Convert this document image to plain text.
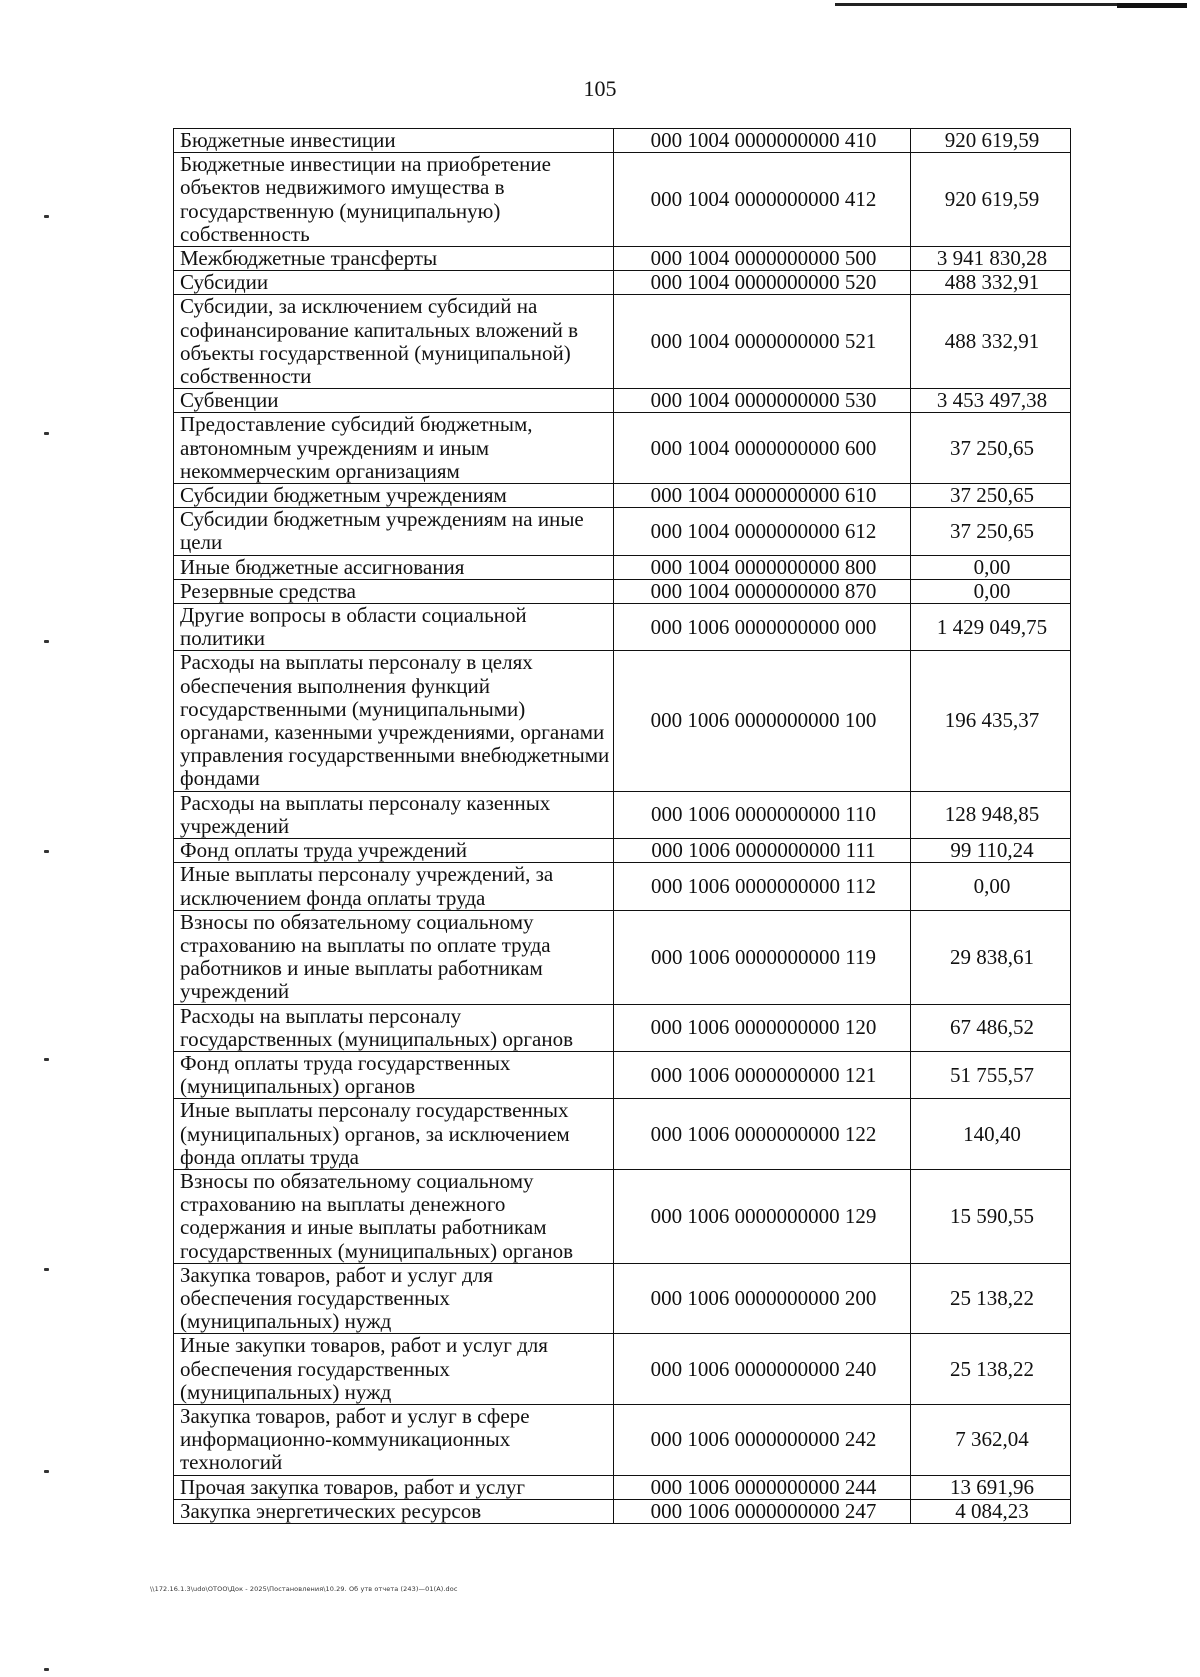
105
Бюджетные инвестиции	000 1004 0000000000 410	920 619,59
Бюджетные инвестиции на приобретение объектов недвижимого имущества в государственную (муниципальную) собственность	000 1004 0000000000 412	920 619,59
Межбюджетные трансферты	000 1004 0000000000 500	3 941 830,28
Субсидии	000 1004 0000000000 520	488 332,91
Субсидии, за исключением субсидий на софинансирование капитальных вложений в объекты государственной (муниципальной) собственности	000 1004 0000000000 521	488 332,91
Субвенции	000 1004 0000000000 530	3 453 497,38
Предоставление субсидий бюджетным, автономным учреждениям и иным некоммерческим организациям	000 1004 0000000000 600	37 250,65
Субсидии бюджетным учреждениям	000 1004 0000000000 610	37 250,65
Субсидии бюджетным учреждениям на иные цели	000 1004 0000000000 612	37 250,65
Иные бюджетные ассигнования	000 1004 0000000000 800	0,00
Резервные средства	000 1004 0000000000 870	0,00
Другие вопросы в области социальной политики	000 1006 0000000000 000	1 429 049,75
Расходы на выплаты персоналу в целях обеспечения выполнения функций государственными (муниципальными) органами, казенными учреждениями, органами управления государственными внебюджетными фондами	000 1006 0000000000 100	196 435,37
Расходы на выплаты персоналу казенных учреждений	000 1006 0000000000 110	128 948,85
Фонд оплаты труда учреждений	000 1006 0000000000 111	99 110,24
Иные выплаты персоналу учреждений, за исключением фонда оплаты труда	000 1006 0000000000 112	0,00
Взносы по обязательному социальному страхованию на выплаты по оплате труда работников и иные выплаты работникам учреждений	000 1006 0000000000 119	29 838,61
Расходы на выплаты персоналу государственных (муниципальных) органов	000 1006 0000000000 120	67 486,52
Фонд оплаты труда государственных (муниципальных) органов	000 1006 0000000000 121	51 755,57
Иные выплаты персоналу государственных (муниципальных) органов, за исключением фонда оплаты труда	000 1006 0000000000 122	140,40
Взносы по обязательному социальному страхованию на выплаты денежного содержания и иные выплаты работникам государственных (муниципальных) органов	000 1006 0000000000 129	15 590,55
Закупка товаров, работ и услуг для обеспечения государственных (муниципальных) нужд	000 1006 0000000000 200	25 138,22
Иные закупки товаров, работ и услуг для обеспечения государственных (муниципальных) нужд	000 1006 0000000000 240	25 138,22
Закупка товаров, работ и услуг в сфере информационно-коммуникационных технологий	000 1006 0000000000 242	7 362,04
Прочая закупка товаров, работ и услуг	000 1006 0000000000 244	13 691,96
Закупка энергетических ресурсов	000 1006 0000000000 247	4 084,23
\\172.16.1.3\udo\OTOO\Док - 2025\Постановления\10.29. Об утв отчета (243)—01(А).doc
